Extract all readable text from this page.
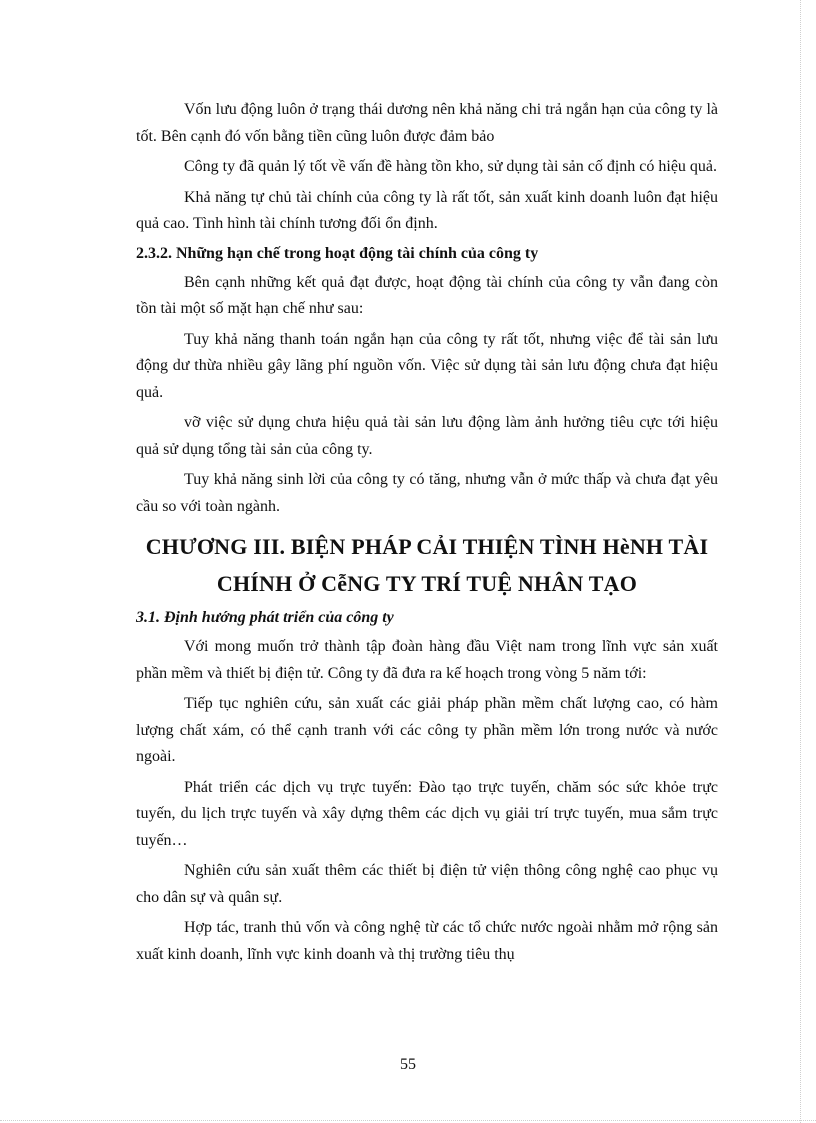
Vốn lưu động luôn ở trạng thái dương nên khả năng chi trả ngắn hạn của công ty là tốt. Bên cạnh đó vốn bằng tiền cũng luôn được đảm bảo

Công ty đã quản lý tốt về vấn đề hàng tồn kho, sử dụng tài sản cố định có hiệu quả.

Khả năng tự chủ tài chính của công ty là rất tốt, sản xuất kinh doanh luôn đạt hiệu quả cao. Tình hình tài chính tương đối ổn định.

2.3.2. Những hạn chế trong hoạt động tài chính của công ty

Bên cạnh những kết quả đạt được, hoạt động tài chính của công ty vẫn đang còn tồn tài một số mặt hạn chế như sau:

Tuy khả năng thanh toán ngắn hạn của công ty rất tốt, nhưng việc để tài sản lưu động dư thừa nhiều gây lãng phí nguồn vốn. Việc sử dụng tài sản lưu động chưa đạt hiệu quả.

vỡ việc sử dụng chưa hiệu quả tài sản lưu động làm ảnh hưởng tiêu cực tới hiệu quả sử dụng tổng tài sản của công ty.

Tuy khả năng sinh lời của công ty có tăng, nhưng vẫn ở mức thấp và chưa đạt yêu cầu so với toàn ngành.

CHƯƠNG III. BIỆN PHÁP CẢI THIỆN TÌNH HèNH TÀI
CHÍNH Ở CễNG TY TRÍ TUỆ NHÂN TẠO
3.1. Định hướng phát triển của công ty

Với mong muốn trở thành tập đoàn hàng đầu Việt nam trong lĩnh vực sản xuất phần mềm và thiết bị điện tử. Công ty đã đưa ra kế hoạch trong vòng 5 năm tới:

Tiếp tục nghiên cứu, sản xuất các giải pháp phần mềm chất lượng cao, có hàm lượng chất xám, có thể cạnh tranh với các công ty phần mềm lớn trong nước và nước ngoài.

Phát triển các dịch vụ trực tuyến: Đào tạo trực tuyến, chăm sóc sức khỏe trực tuyến, du lịch trực tuyến và xây dựng thêm các dịch vụ giải trí trực tuyến, mua sắm trực tuyến…

Nghiên cứu sản xuất thêm các thiết bị điện tử viện thông công nghệ cao phục vụ cho dân sự và quân sự.

Hợp tác, tranh thủ vốn và công nghệ từ các tổ chức nước ngoài nhằm mở rộng sản xuất kinh doanh, lĩnh vực kinh doanh và thị trường tiêu thụ

55
